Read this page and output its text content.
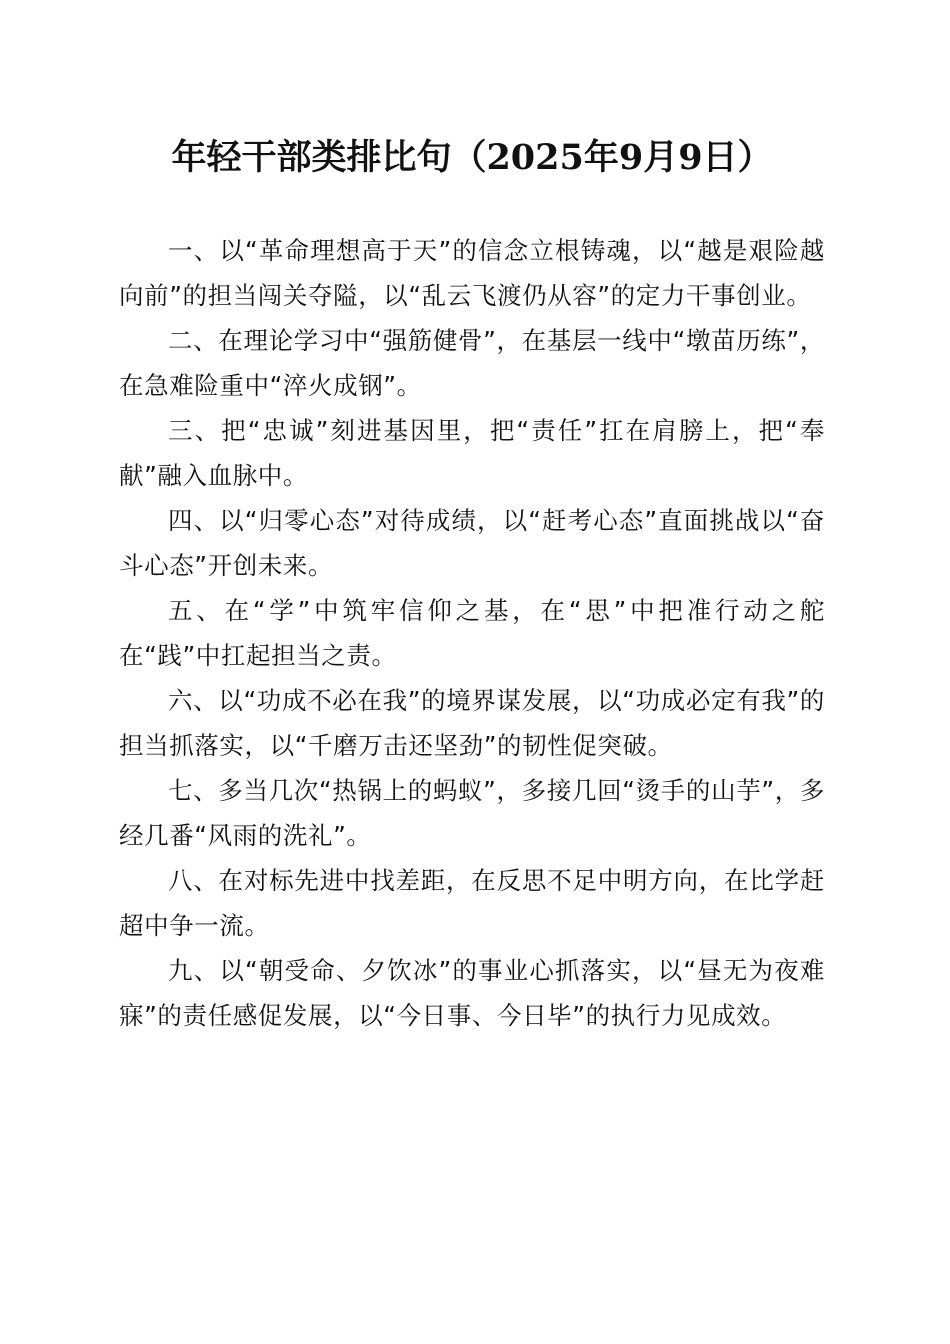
年轻干部类排比句（2025年9月9日）

一、以“革命理想高于天”的信念立根铸魂，以“越是艰险越向前”的担当闯关夺隘，以“乱云飞渡仍从容”的定力干事创业。

二、在理论学习中“强筋健骨”，在基层一线中“墩苗历练”，在急难险重中“淬火成钢”。

三、把“忠诚”刻进基因里，把“责任”扛在肩膀上，把“奉献”融入血脉中。

四、以“归零心态”对待成绩，以“赶考心态”直面挑战以“奋斗心态”开创未来。

五、在“学”中筑牢信仰之基，在“思”中把准行动之舵在“践”中扛起担当之责。

六、以“功成不必在我”的境界谋发展，以“功成必定有我”的担当抓落实，以“千磨万击还坚劲”的韧性促突破。

七、多当几次“热锅上的蚂蚁”，多接几回“烫手的山芋”，多经几番“风雨的洗礼”。

八、在对标先进中找差距，在反思不足中明方向，在比学赶超中争一流。

九、以“朝受命、夕饮冰”的事业心抓落实，以“昼无为夜难寐”的责任感促发展，以“今日事、今日毕”的执行力见成效。
